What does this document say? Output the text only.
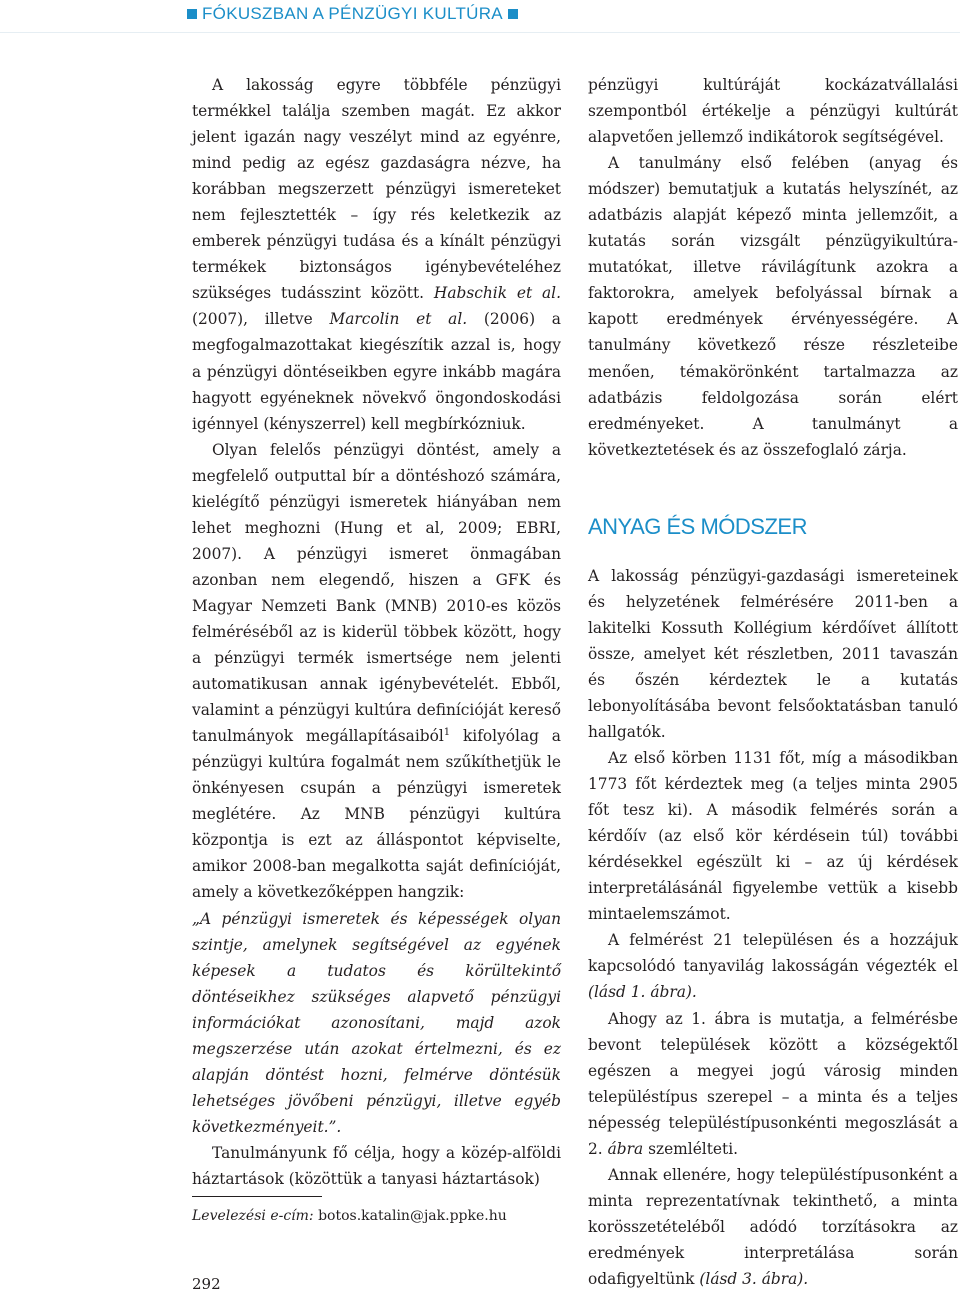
FÓKUSZBAN A PÉNZÜGYI KULTÚRA

A lakosság egyre többféle pénzügyi termékkel találja szemben magát. Ez akkor jelent igazán nagy veszélyt mind az egyénre, mind pedig az egész gazdaságra nézve, ha korábban megszerzett pénzügyi ismereteket nem fejlesztették – így rés keletkezik az emberek pénzügyi tudása és a kínált pénzügyi termékek biztonságos igénybevételéhez szükséges tudásszint között. Habschik et al. (2007), illetve Marcolin et al. (2006) a megfogalmazottakat kiegészítik azzal is, hogy a pénzügyi döntéseikben egyre inkább magára hagyott egyéneknek növekvő öngondoskodási igénnyel (kényszerrel) kell megbírkózniuk.

Olyan felelős pénzügyi döntést, amely a megfelelő outputtal bír a döntéshozó számára, kielégítő pénzügyi ismeretek hiányában nem lehet meghozni (Hung et al, 2009; EBRI, 2007). A pénzügyi ismeret önmagában azonban nem elegendő, hiszen a GFK és Magyar Nemzeti Bank (MNB) 2010-es közös felméréséből az is kiderül többek között, hogy a pénzügyi termék ismertsége nem jelenti automatikusan annak igénybevételét. Ebből, valamint a pénzügyi kultúra definícióját kereső tanulmányok megállapításaiból$^1$ kifolyólag a pénzügyi kultúra fogalmát nem szűkíthetjük le önkényesen csupán a pénzügyi ismeretek meglétére. Az MNB pénzügyi kultúra központja is ezt az álláspontot képviselte, amikor 2008-ban megalkotta saját definícióját, amely a következőképpen hangzik:

„A pénzügyi ismeretek és képességek olyan szintje, amelynek segítségével az egyének képesek a tudatos és körültekintő döntéseikhez szükséges alapvető pénzügyi információkat azonosítani, majd azok megszerzése után azokat értelmezni, és ez alapján döntést hozni, felmérve döntésük lehetséges jövőbeni pénzügyi, illetve egyéb következményeit.”.

Tanulmányunk fő célja, hogy a közép-alföldi háztartások (közöttük a tanyasi háztartások)

pénzügyi kultúráját kockázatvállalási szempontból értékelje a pénzügyi kultúrát alapvetően jellemző indikátorok segítségével.

A tanulmány első felében (anyag és módszer) bemutatjuk a kutatás helyszínét, az adatbázis alapját képező minta jellemzőit, a kutatás során vizsgált pénzügyikultúra-mutatókat, illetve rávilágítunk azokra a faktorokra, amelyek befolyással bírnak a kapott eredmények érvényességére. A tanulmány következő része részleteibe menően, témakörönként tartalmazza az adatbázis feldolgozása során elért eredményeket. A tanulmányt a következtetések és az összefoglaló zárja.

ANYAG ÉS MÓDSZER

A lakosság pénzügyi-gazdasági ismereteinek és helyzetének felmérésére 2011-ben a lakitelki Kossuth Kollégium kérdőívet állított össze, amelyet két részletben, 2011 tavaszán és őszén kérdeztek le a kutatás lebonyolításába bevont felsőoktatásban tanuló hallgatók.

Az első körben 1131 főt, míg a másodikban 1773 főt kérdeztek meg (a teljes minta 2905 főt tesz ki). A második felmérés során a kérdőív (az első kör kérdésein túl) további kérdésekkel egészült ki – az új kérdések interpretálásánál figyelembe vettük a kisebb mintaelemszámot.

A felmérést 21 településen és a hozzájuk kapcsolódó tanyavilág lakosságán végezték el (lásd 1. ábra).

Ahogy az 1. ábra is mutatja, a felmérésbe bevont települések között a községektől egészen a megyei jogú városig minden településtípus szerepel – a minta és a teljes népesség településtípusonkénti megoszlását a 2. ábra szemlélteti.

Annak ellenére, hogy településtípusonként a minta reprezentatívnak tekinthető, a minta korösszetételéből adódó torzításokra az eredmények interpretálása során odafigyeltünk (lásd 3. ábra).

Levelezési e-cím: botos.katalin@jak.ppke.hu
292
